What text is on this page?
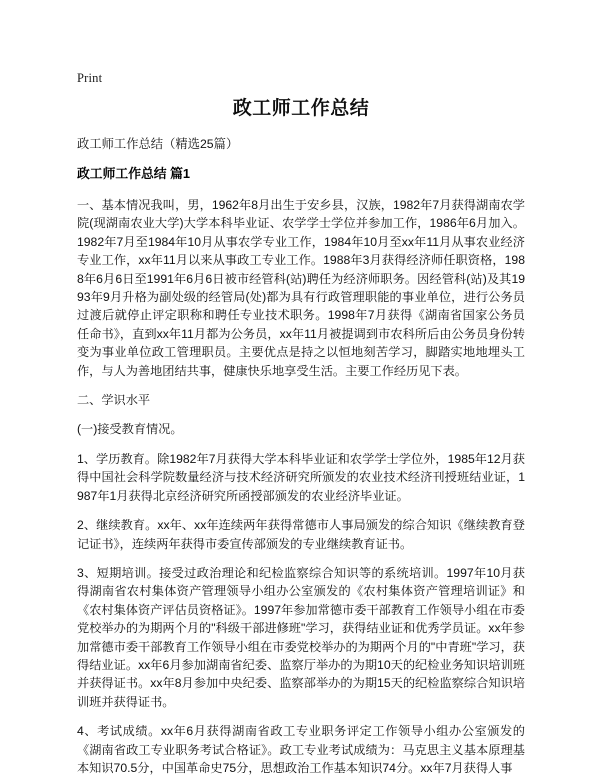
Print
政工师工作总结

政工师工作总结（精选25篇）

政工师工作总结 篇1

一、基本情况我叫，男，1962年8月出生于安乡县，汉族，1982年7月获得湖南农学院(现湖南农业大学)大学本科毕业证、农学学士学位并参加工作，1986年6月加入。1982年7月至1984年10月从事农学专业工作，1984年10月至xx年11月从事农业经济专业工作，xx年11月以来从事政工专业工作。1988年3月获得经济师任职资格，1988年6月6日至1991年6月6日被市经管科(站)聘任为经济师职务。因经管科(站)及其1993年9月升格为副处级的经管局(处)都为具有行政管理职能的事业单位，进行公务员过渡后就停止评定职称和聘任专业技术职务。1998年7月获得《湖南省国家公务员任命书》，直到xx年11月都为公务员，xx年11月被提调到市农科所后由公务员身份转变为事业单位政工管理职员。主要优点是持之以恒地刻苦学习，脚踏实地地埋头工作，与人为善地团结共事，健康快乐地享受生活。主要工作经历见下表。

二、学识水平

(一)接受教育情况。

1、学历教育。除1982年7月获得大学本科毕业证和农学学士学位外，1985年12月获得中国社会科学院数量经济与技术经济研究所颁发的农业技术经济刊授班结业证，1987年1月获得北京经济研究所函授部颁发的农业经济毕业证。

2、继续教育。xx年、xx年连续两年获得常德市人事局颁发的综合知识《继续教育登记证书》，连续两年获得市委宣传部颁发的专业继续教育证书。

3、短期培训。接受过政治理论和纪检监察综合知识等的系统培训。1997年10月获得湖南省农村集体资产管理领导小组办公室颁发的《农村集体资产管理培训证》和《农村集体资产评估员资格证》。1997年参加常德市委干部教育工作领导小组在市委党校举办的为期两个月的"科级干部进修班"学习，获得结业证和优秀学员证。xx年参加常德市委干部教育工作领导小组在市委党校举办的为期两个月的"中青班"学习，获得结业证。xx年6月参加湖南省纪委、监察厅举办的为期10天的纪检业务知识培训班并获得证书。xx年8月参加中央纪委、监察部举办的为期15天的纪检监察综合知识培训班并获得证书。

4、考试成绩。xx年6月获得湖南省政工专业职务评定工作领导小组办公室颁发的《湖南省政工专业职务考试合格证》。政工专业考试成绩为：马克思主义基本原理基本知识70.5分，中国革命史75分，思想政治工作基本知识74分。xx年7月获得人事
